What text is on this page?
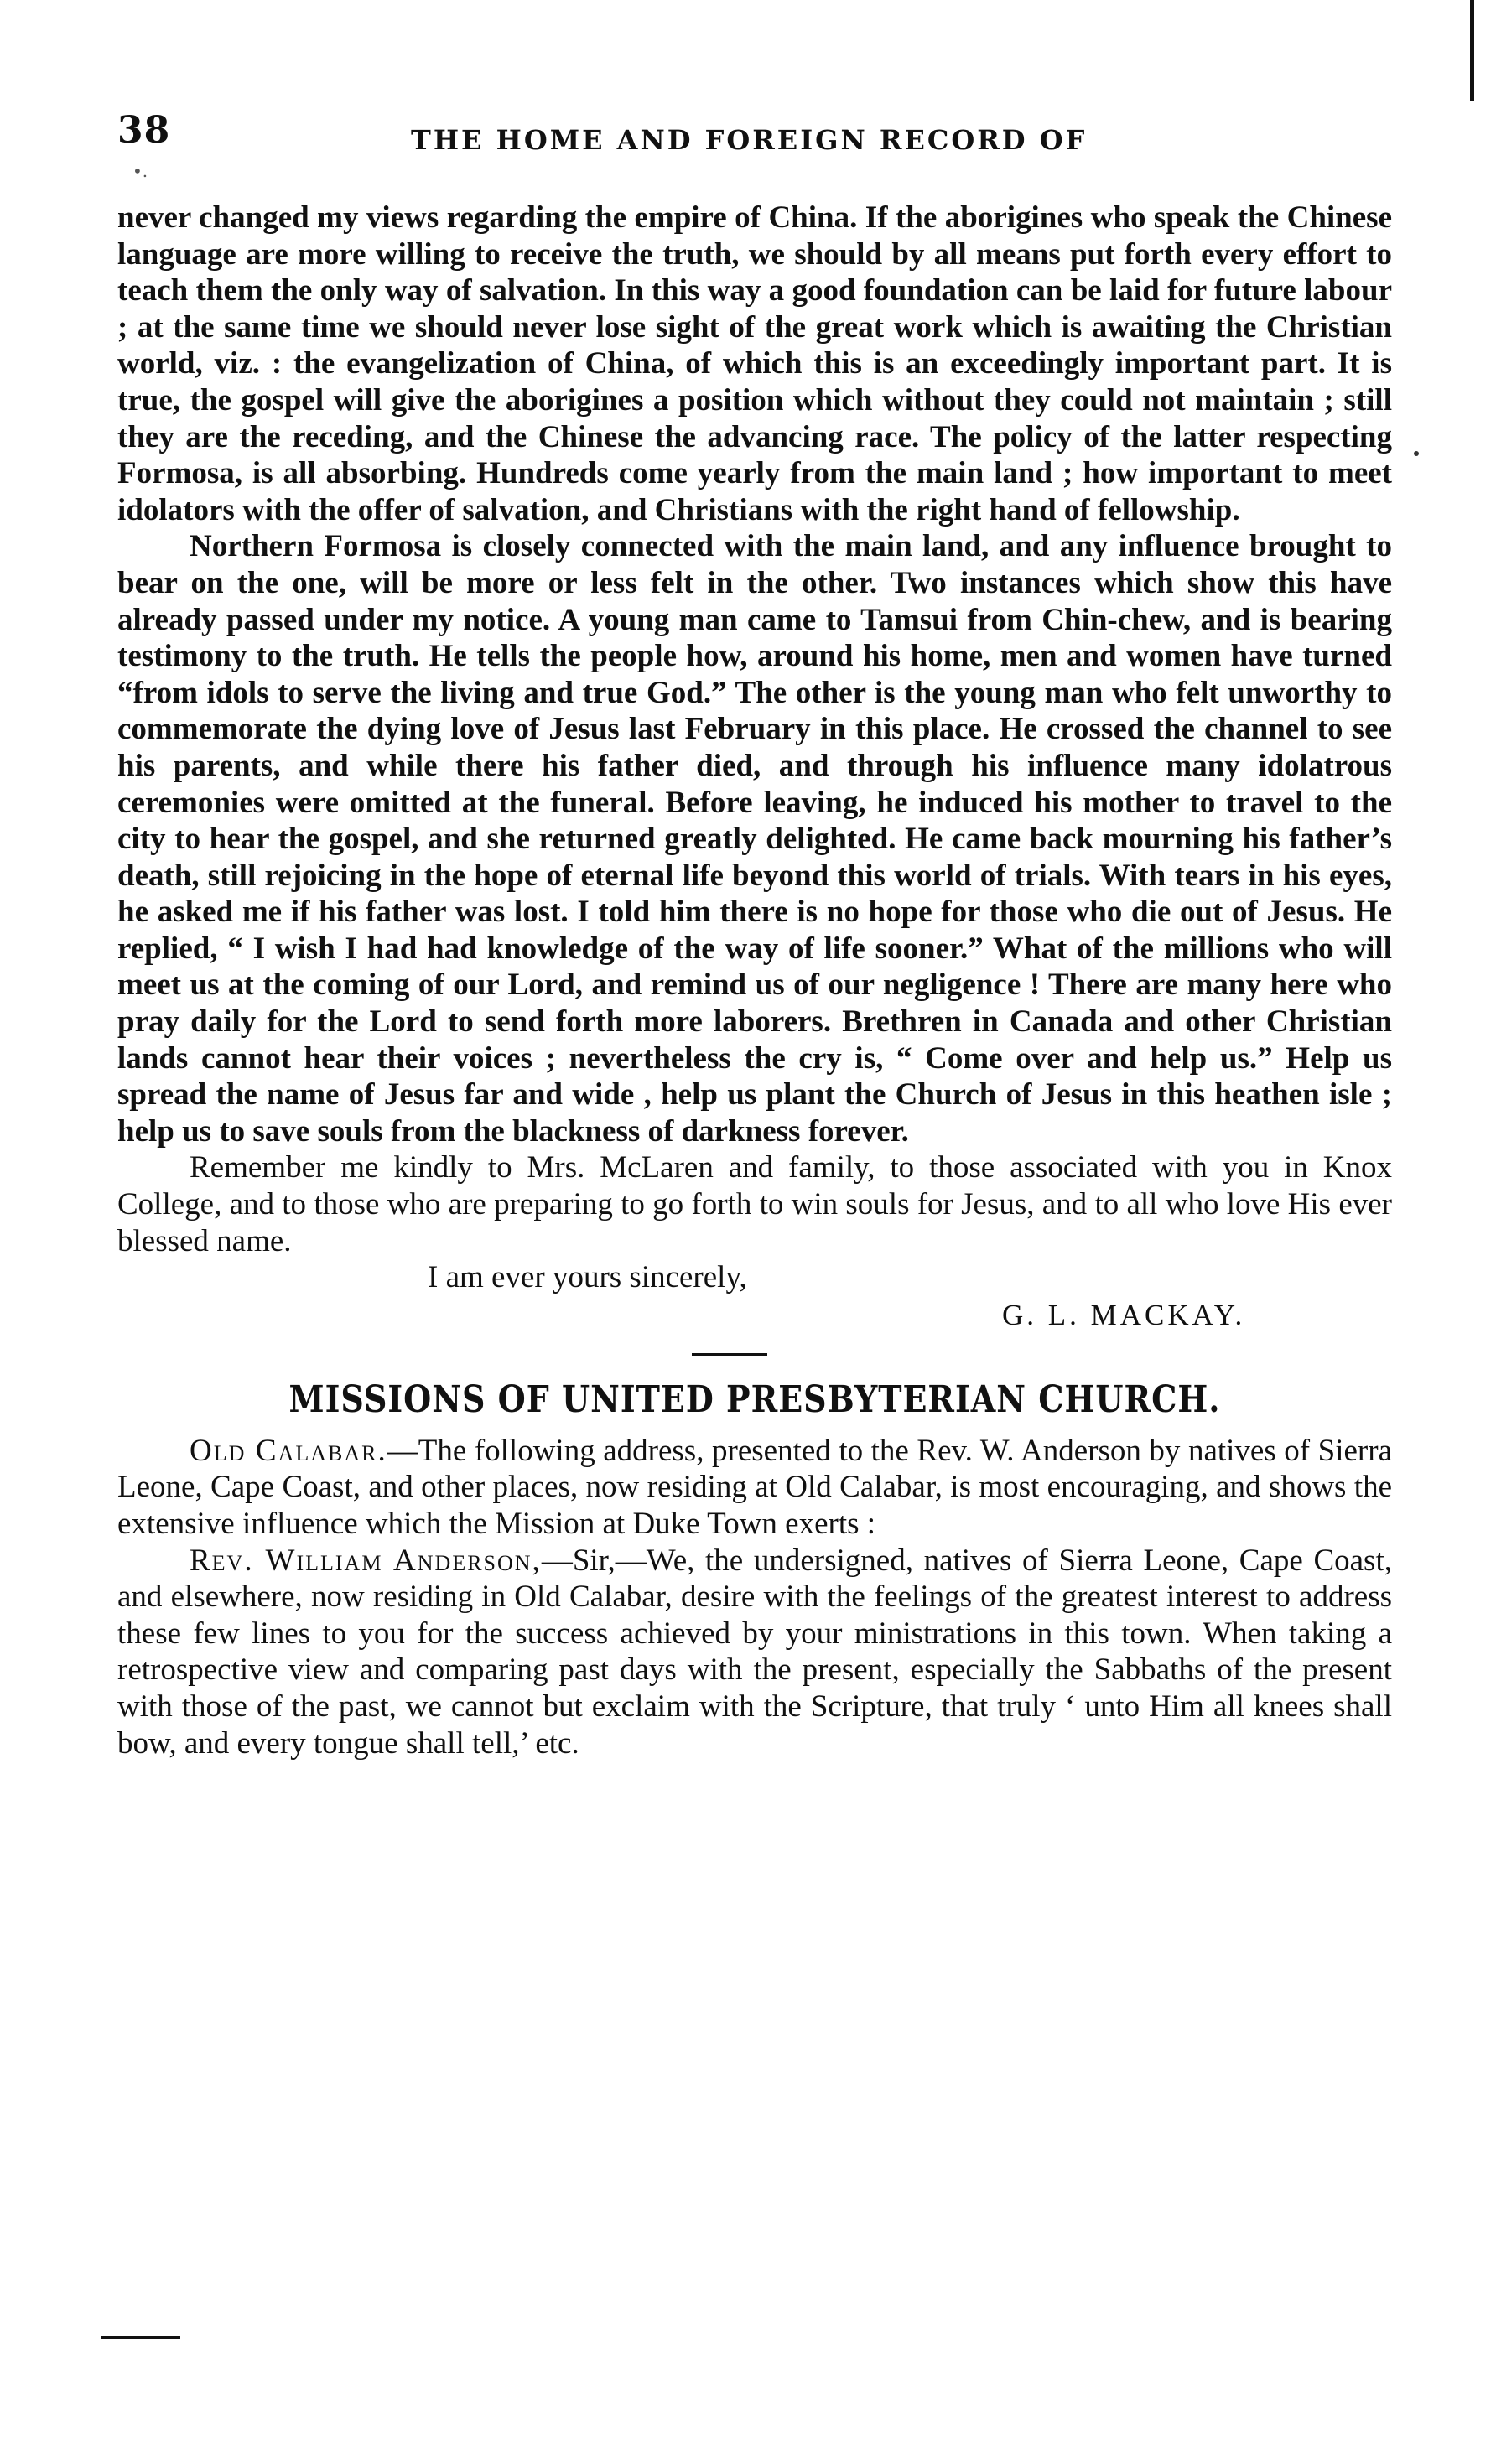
38	THE HOME AND FOREIGN RECORD OF
•.

never changed my views regarding the empire of China. If the aborigines who speak the Chinese language are more willing to receive the truth, we should by all means put forth every effort to teach them the only way of salvation. In this way a good foundation can be laid for future labour ; at the same time we should never lose sight of the great work which is awaiting the Christian world, viz. : the evangelization of China, of which this is an exceedingly important part. It is true, the gospel will give the aborigines a position which without they could not maintain ; still they are the receding, and the Chinese the advancing race. The policy of the latter respecting Formosa, is all absorbing. Hundreds come yearly from the main land ; how important to meet idolators with the offer of salvation, and Christians with the right hand of fellowship.

Northern Formosa is closely connected with the main land, and any influence brought to bear on the one, will be more or less felt in the other. Two instances which show this have already passed under my notice. A young man came to Tamsui from Chin-chew, and is bearing testimony to the truth. He tells the people how, around his home, men and women have turned “from idols to serve the living and true God.” The other is the young man who felt unworthy to commemorate the dying love of Jesus last February in this place. He crossed the channel to see his parents, and while there his father died, and through his influence many idolatrous ceremonies were omitted at the funeral. Before leaving, he induced his mother to travel to the city to hear the gospel, and she returned greatly delighted. He came back mourning his father’s death, still rejoicing in the hope of eternal life beyond this world of trials. With tears in his eyes, he asked me if his father was lost. I told him there is no hope for those who die out of Jesus. He replied, “ I wish I had had knowledge of the way of life sooner.” What of the millions who will meet us at the coming of our Lord, and remind us of our negligence ! There are many here who pray daily for the Lord to send forth more laborers. Brethren in Canada and other Christian lands cannot hear their voices ; nevertheless the cry is, “ Come over and help us.” Help us spread the name of Jesus far and wide , help us plant the Church of Jesus in this heathen isle ; help us to save souls from the blackness of darkness forever.

Remember me kindly to Mrs. McLaren and family, to those associated with you in Knox College, and to those who are preparing to go forth to win souls for Jesus, and to all who love His ever blessed name.

I am ever yours sincerely,

G. L. MACKAY.

MISSIONS OF UNITED PRESBYTERIAN CHURCH.

Old Calabar.—The following address, presented to the Rev. W. Anderson by natives of Sierra Leone, Cape Coast, and other places, now residing at Old Calabar, is most encouraging, and shows the extensive influence which the Mission at Duke Town exerts :

Rev. William Anderson,—Sir,—We, the undersigned, natives of Sierra Leone, Cape Coast, and elsewhere, now residing in Old Calabar, desire with the feelings of the greatest interest to address these few lines to you for the success achieved by your ministrations in this town. When taking a retrospective view and comparing past days with the present, especially the Sabbaths of the present with those of the past, we cannot but exclaim with the Scripture, that truly ‘ unto Him all knees shall bow, and every tongue shall tell,’ etc.
